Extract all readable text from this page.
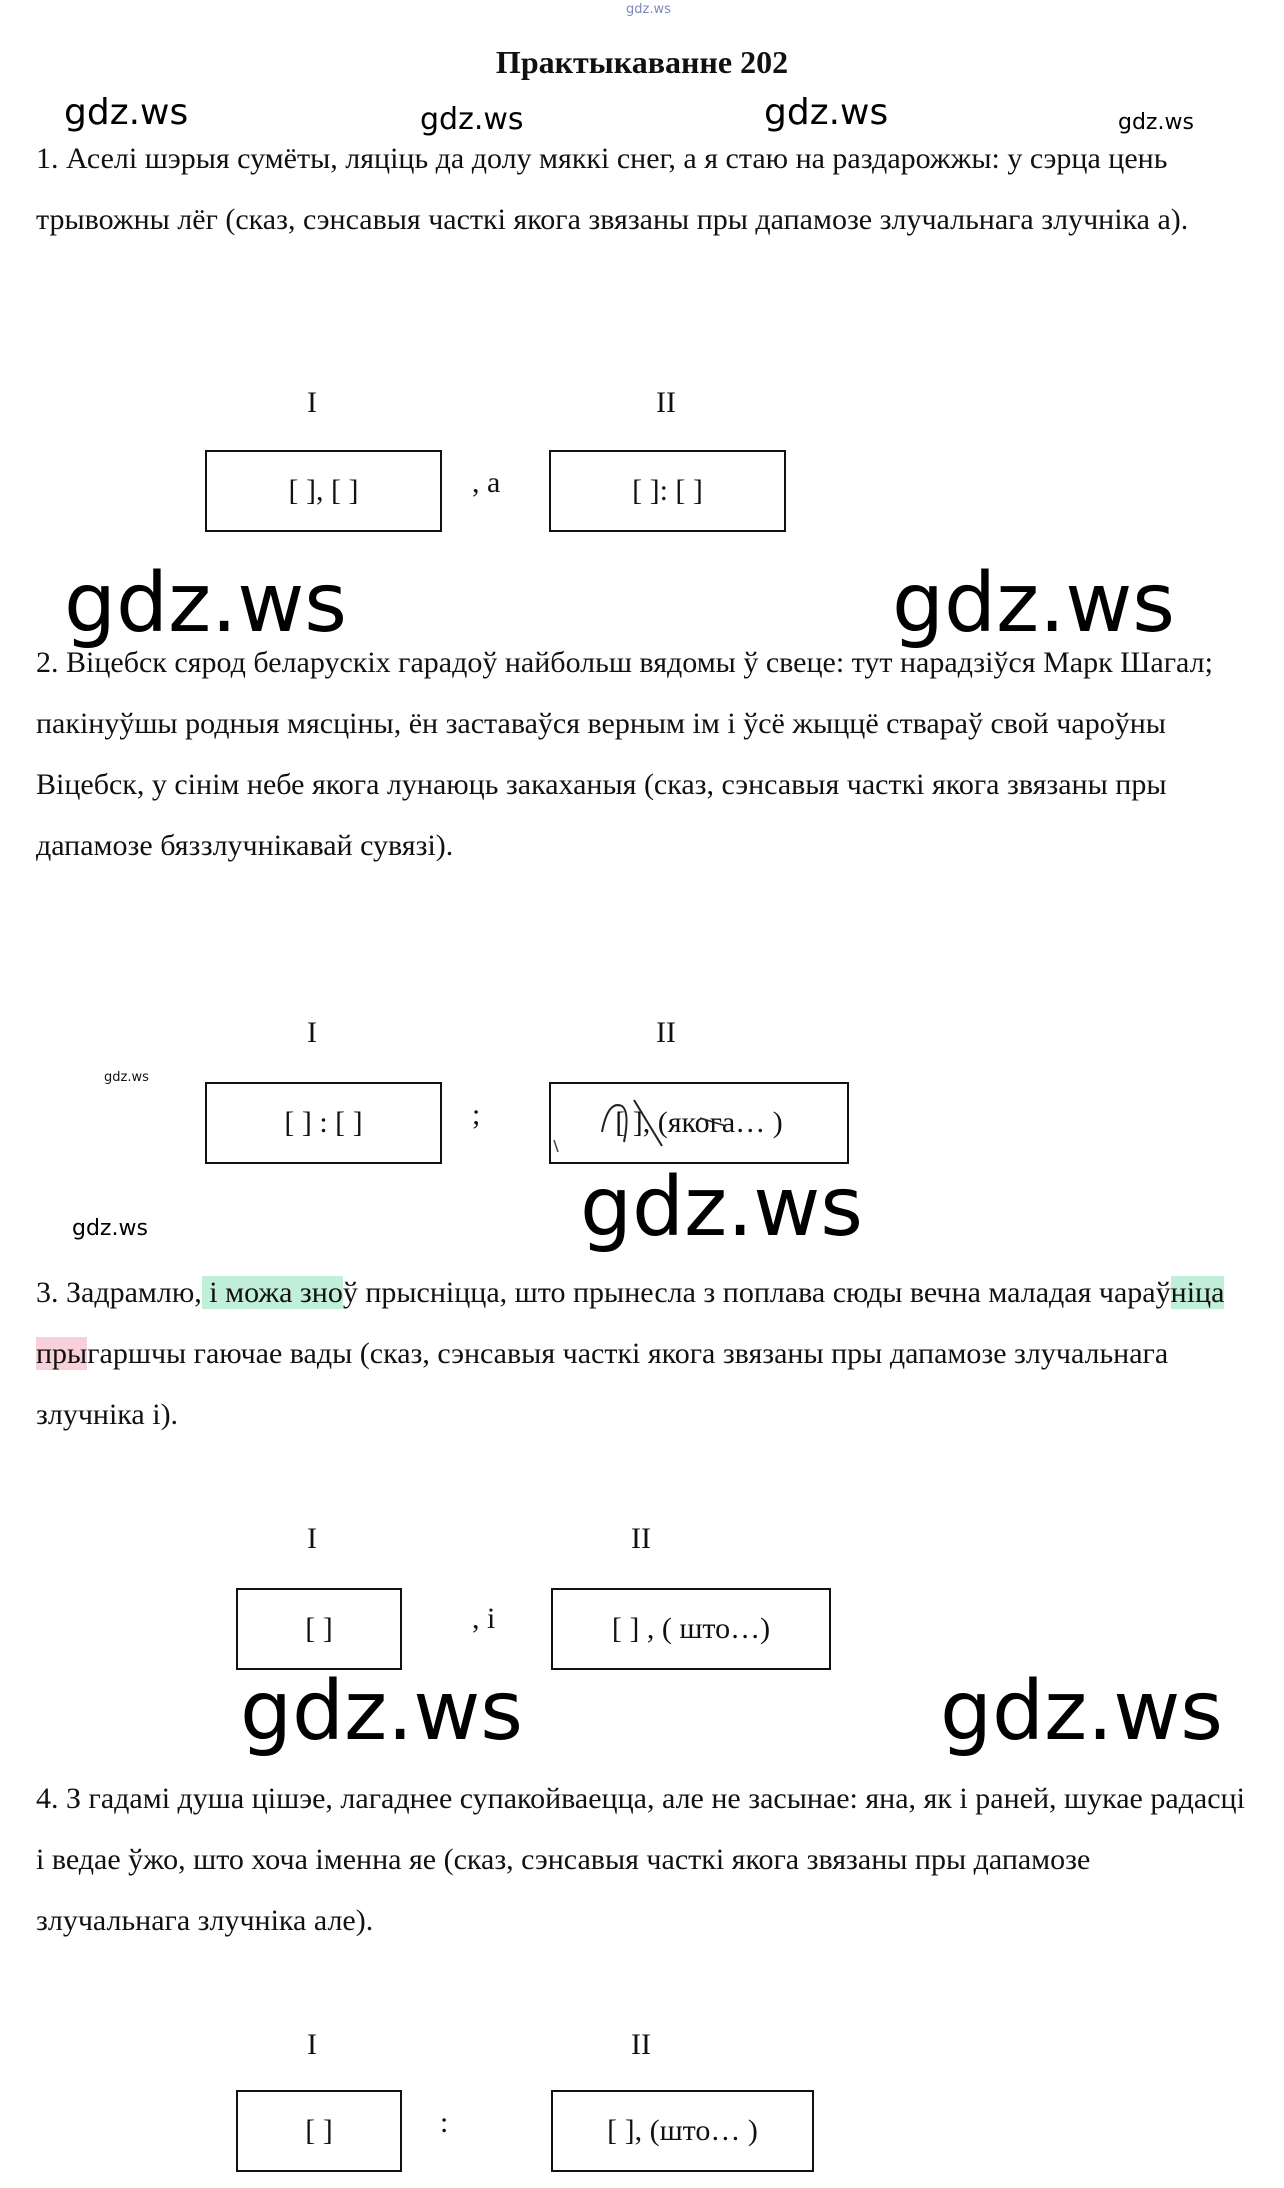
gdz.ws
Практыкаванне 202
gdz.ws	gdz.ws	gdz.ws	gdz.ws
1. Аселі шэрыя сумёты, ляціць да долу мяккі снег, а я стаю на раздарожжы: у сэрца цень трывожны лёг (сказ, сэнсавыя часткі якога звязаны пры дапамозе злучальнага злучніка а).
I	II
[ ], [ ]	, а	[ ]: [ ]
gdz.ws	gdz.ws
2. Віцебск сярод беларускіх гарадоў найбольш вядомы ў свеце: тут нарадзіўся Марк Шагал; пакінуўшы родныя мясціны, ён заставаўся верным ім і ўсё жыццё ствараў свой чароўны Віцебск, у сінім небе якога лунаюць закаханыя (сказ, сэнсавыя часткі якога звязаны пры дапамозе бяззлучнікавай сувязі).
I	II
gdz.ws
[ ] : [ ]	;	[ ], (якога… )
gdz.ws
gdz.ws
3. Задрамлю, і можа зноў прысніцца, што прынесла з поплава сюды вечна маладая чараўніца прыгаршчы гаючае вады (сказ, сэнсавыя часткі якога звязаны пры дапамозе злучальнага злучніка і).
I	II
[ ]	, і	[ ] , ( што…)
gdz.ws	gdz.ws
4. З гадамі душа цішэе, лагаднее супакойваецца, але не засынае: яна, як і раней, шукае радасці і ведае ўжо, што хоча іменна яе (сказ, сэнсавыя часткі якога звязаны пры дапамозе злучальнага злучніка але).
I	II
[ ]	:	[ ], (што… )
